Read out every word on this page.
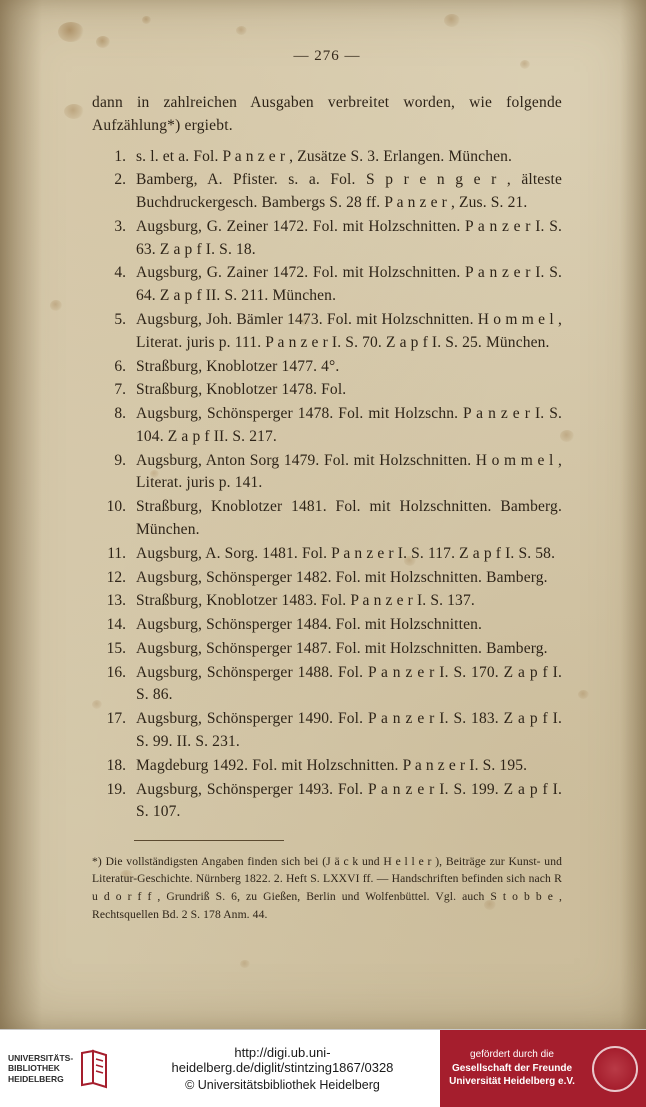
— 276 —

dann in zahlreichen Ausgaben verbreitet worden, wie folgende Aufzählung*) ergiebt.

1. s. l. et a. Fol. P a n z e r , Zusätze S. 3. Erlangen. München.
2. Bamberg, A. Pfister. s. a. Fol. S p r e n g e r , älteste Buchdruckergesch. Bambergs S. 28 ff. P a n z e r , Zus. S. 21.
3. Augsburg, G. Zeiner 1472. Fol. mit Holzschnitten. P a n z e r I. S. 63. Z a p f I. S. 18.
4. Augsburg, G. Zainer 1472. Fol. mit Holzschnitten. P a n z e r I. S. 64. Z a p f II. S. 211. München.
5. Augsburg, Joh. Bämler 1473. Fol. mit Holzschnitten. H o m m e l , Literat. juris p. 111. P a n z e r I. S. 70. Z a p f I. S. 25. München.
6. Straßburg, Knoblotzer 1477. 4°.
7. Straßburg, Knoblotzer 1478. Fol.
8. Augsburg, Schönsperger 1478. Fol. mit Holzschn. P a n z e r I. S. 104. Z a p f II. S. 217.
9. Augsburg, Anton Sorg 1479. Fol. mit Holzschnitten. H o m m e l , Literat. juris p. 141.
10. Straßburg, Knoblotzer 1481. Fol. mit Holzschnitten. Bamberg. München.
11. Augsburg, A. Sorg. 1481. Fol. P a n z e r I. S. 117. Z a p f I. S. 58.
12. Augsburg, Schönsperger 1482. Fol. mit Holzschnitten. Bamberg.
13. Straßburg, Knoblotzer 1483. Fol. P a n z e r I. S. 137.
14. Augsburg, Schönsperger 1484. Fol. mit Holzschnitten.
15. Augsburg, Schönsperger 1487. Fol. mit Holzschnitten. Bamberg.
16. Augsburg, Schönsperger 1488. Fol. P a n z e r I. S. 170. Z a p f I. S. 86.
17. Augsburg, Schönsperger 1490. Fol. P a n z e r I. S. 183. Z a p f I. S. 99. II. S. 231.
18. Magdeburg 1492. Fol. mit Holzschnitten. P a n z e r I. S. 195.
19. Augsburg, Schönsperger 1493. Fol. P a n z e r I. S. 199. Z a p f I. S. 107.

*) Die vollständigsten Angaben finden sich bei (J ä c k und H e l l e r ), Beiträge zur Kunst- und Literatur-Geschichte. Nürnberg 1822. 2. Heft S. LXXVI ff. — Handschriften befinden sich nach R u d o r f f , Grundriß S. 6, zu Gießen, Berlin und Wolfenbüttel. Vgl. auch S t o b b e , Rechtsquellen Bd. 2 S. 178 Anm. 44.

UNIVERSITÄTS-
BIBLIOTHEK
HEIDELBERG
http://digi.ub.uni-heidelberg.de/diglit/stintzing1867/0328
© Universitätsbibliothek Heidelberg
gefördert durch die
Gesellschaft der Freunde
Universität Heidelberg e.V.
